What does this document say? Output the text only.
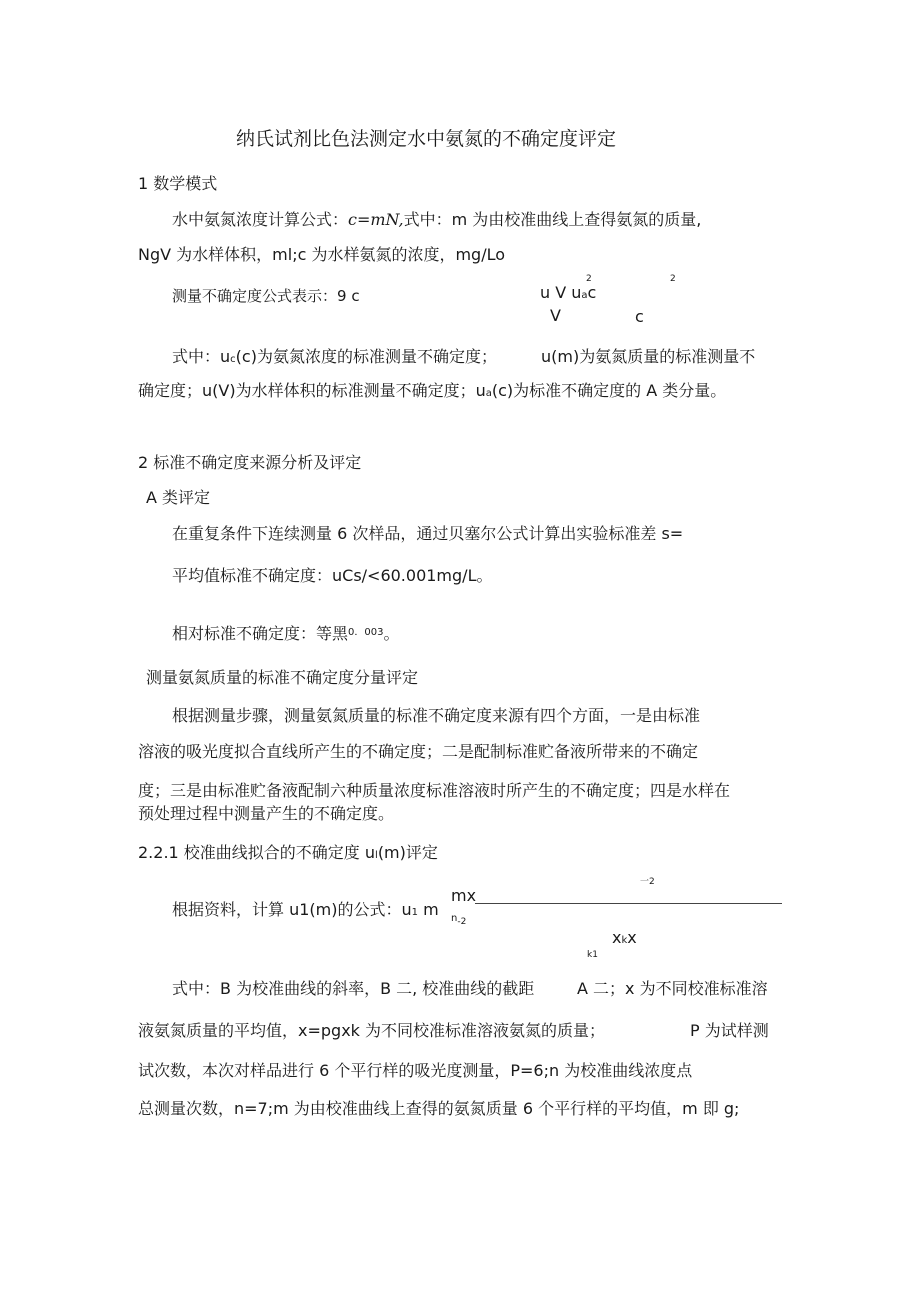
纳氏试剂比色法测定水中氨氮的不确定度评定
1 数学模式
水中氨氮浓度计算公式：c=mN,式中：m 为由校准曲线上查得氨氮的质量,
NgV 为水样体积，ml;c 为水样氨氮的浓度，mg/Lo
测量不确定度公式表示：9 c	u V uac
2	2
V	c
式中：uc(c)为氨氮浓度的标准测量不确定度；	u(m)为氨氮质量的标准测量不
确定度；u(V)为水样体积的标准测量不确定度；ua(c)为标准不确定度的 A 类分量。
2 标准不确定度来源分析及评定
A 类评定
在重复条件下连续测量 6 次样品，通过贝塞尔公式计算出实验标准差 s=
平均值标准不确定度：uCs/<60.001mg/L。
相对标准不确定度：等黑$^{0.003}$。
测量氨氮质量的标准不确定度分量评定
根据测量步骤，测量氨氮质量的标准不确定度来源有四个方面，一是由标准
溶液的吸光度拟合直线所产生的不确定度；二是配制标准贮备液所带来的不确定
度；三是由标准贮备液配制六种质量浓度标准溶液时所产生的不确定度；四是水样在
预处理过程中测量产生的不确定度。
2.2.1 校准曲线拟合的不确定度 ul(m)评定
根据资料，计算 u1(m)的公式：u1 m
mx
n-2
一2
xkx
k1
式中：B 为校准曲线的斜率，B 二, 校准曲线的截距	A 二；x 为不同校准标准溶
液氨氮质量的平均值，x=pgxk 为不同校准标准溶液氨氮的质量；	P 为试样测
试次数，本次对样品进行 6 个平行样的吸光度测量，P=6;n 为校准曲线浓度点
总测量次数，n=7;m 为由校准曲线上查得的氨氮质量 6 个平行样的平均值，m 即 g;
